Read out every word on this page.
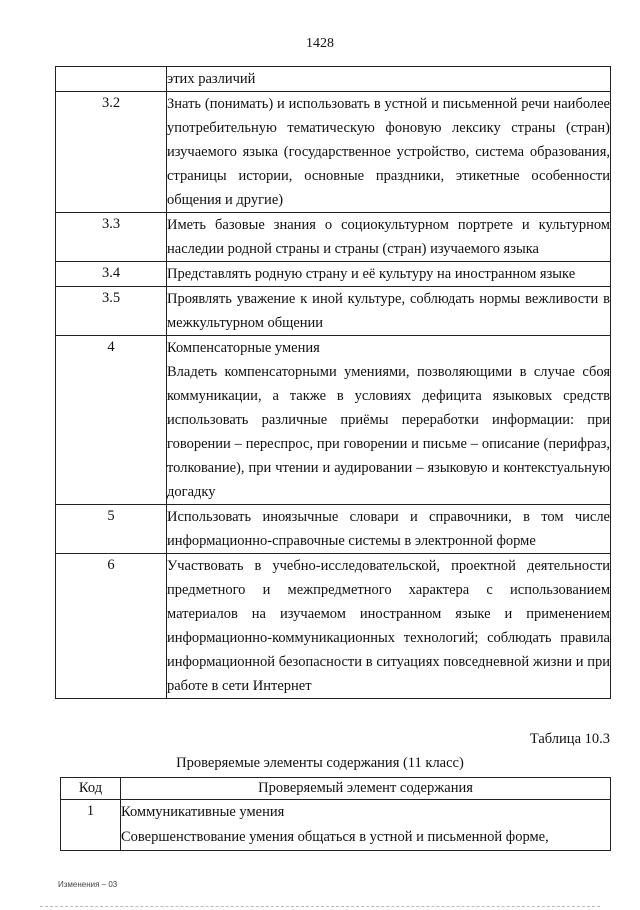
1428

	этих различий

3.2	Знать (понимать) и использовать в устной и письменной речи наиболее употребительную тематическую фоновую лексику страны (стран) изучаемого языка (государственное устройство, система образования, страницы истории, основные праздники, этикетные особенности общения и другие)

3.3	Иметь базовые знания о социокультурном портрете и культурном наследии родной страны и страны (стран) изучаемого языка

3.4	Представлять родную страну и её культуру на иностранном языке

3.5	Проявлять уважение к иной культуре, соблюдать нормы вежливости в межкультурном общении

4	Компенсаторные умения

Владеть компенсаторными умениями, позволяющими в случае сбоя коммуникации, а также в условиях дефицита языковых средств использовать различные приёмы переработки информации: при говорении – переспрос, при говорении и письме – описание (перифраз, толкование), при чтении и аудировании – языковую и контекстуальную догадку

5	Использовать иноязычные словари и справочники, в том числе информационно-справочные системы в электронной форме

6	Участвовать в учебно-исследовательской, проектной деятельности предметного и межпредметного характера с использованием материалов на изучаемом иностранном языке и применением информационно-коммуникационных технологий; соблюдать правила информационной безопасности в ситуациях повседневной жизни и при работе в сети Интернет

Таблица 10.3
Проверяемые элементы содержания (11 класс)
Код	Проверяемый элемент содержания
1	Коммуникативные умения

Совершенствование умения общаться в устной и письменной форме,

Изменения – 03
